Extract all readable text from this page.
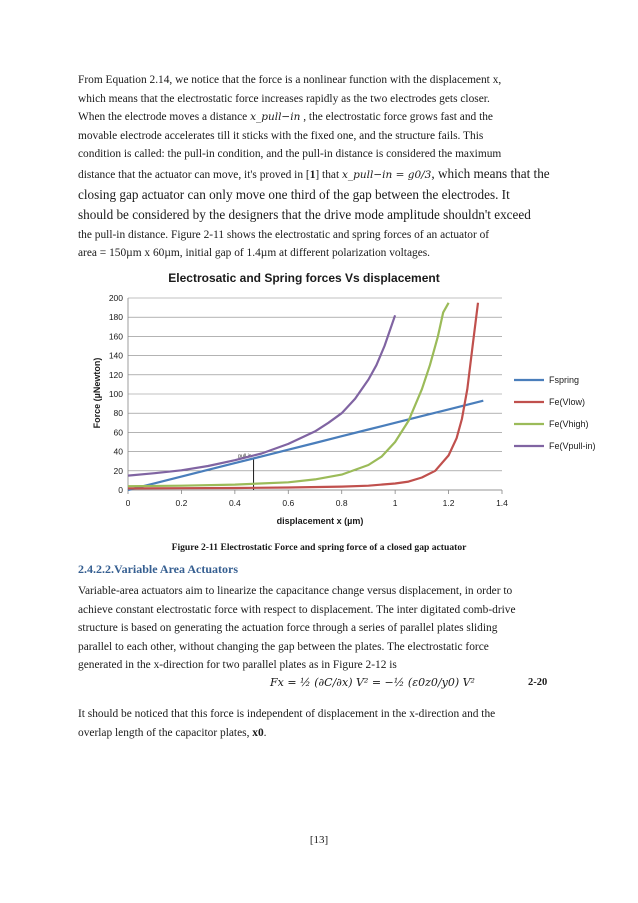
From Equation 2.14, we notice that the force is a nonlinear function with the displacement x,
which means that the electrostatic force increases rapidly as the two electrodes gets closer.
When the electrode moves a distance x_pull−in , the electrostatic force grows fast and the
movable electrode accelerates till it sticks with the fixed one, and the structure fails. This
condition is called: the pull-in condition, and the pull-in distance is considered the maximum
distance that the actuator can move, it's proved in [1] that x_pull−in = g0/3, which means that the
closing gap actuator can only move one third of the gap between the electrodes. It
should be considered by the designers that the drive mode amplitude shouldn't exceed
the pull-in distance. Figure 2-11 shows the electrostatic and spring forces of an actuator of
area = 150µm x 60µm, initial gap of 1.4µm at different polarization voltages.
Electrosatic and Spring forces Vs displacement
0
20
40
60
80
100
120
140
160
180
200
0	0.2	0.4	0.6	0.8	1	1.2	1.4
pull-in
displacement x (µm)
Force (µNewton)	Fspring
Fe(Vlow)
Fe(Vhigh)
Fe(Vpull-in)
Figure 2-11 Electrostatic Force and spring force of a closed gap actuator
2.4.2.2.Variable Area Actuators
Variable-area actuators aim to linearize the capacitance change versus displacement, in order to
achieve constant electrostatic force with respect to displacement. The inter digitated comb-drive
structure is based on generating the actuation force through a series of parallel plates sliding
parallel to each other, without changing the gap between the plates. The electrostatic force
generated in the x-direction for two parallel plates as in Figure 2-12 is
Fx = ½ (∂C/∂x) V² = −½ (ε0z0/y0) V²	2-20
It should be noticed that this force is independent of displacement in the x-direction and the
overlap length of the capacitor plates, x0.
[13]
